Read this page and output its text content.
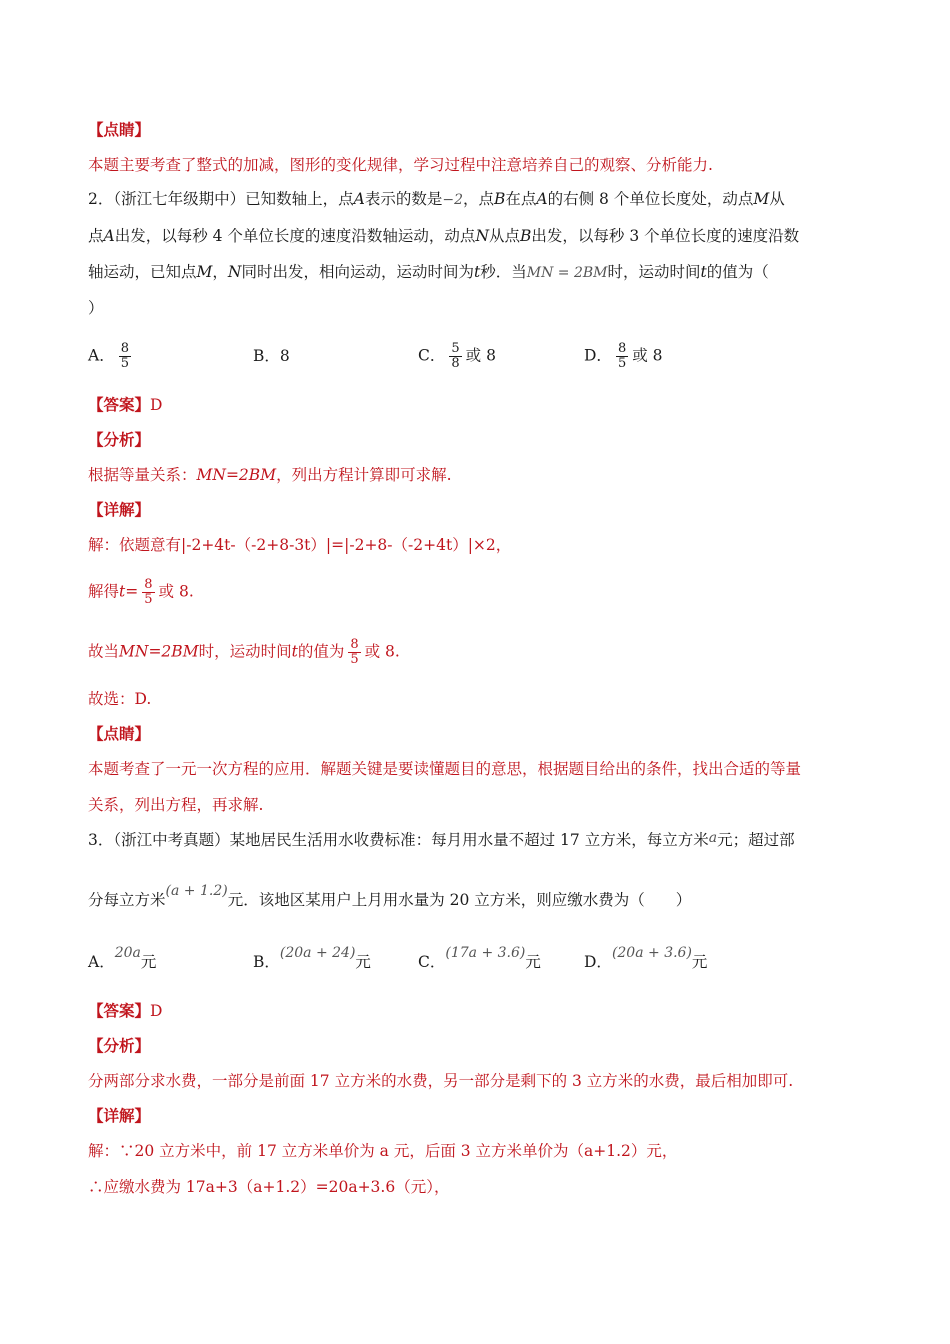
【点睛】
本题主要考查了整式的加减，图形的变化规律，学习过程中注意培养自己的观察、分析能力.
2．（浙江七年级期中）已知数轴上，点A表示的数是−2，点B在点A的右侧 8 个单位长度处，动点M从
点A出发，以每秒 4 个单位长度的速度沿数轴运动，动点N从点B出发，以每秒 3 个单位长度的速度沿数
轴运动，已知点M，N同时出发，相向运动，运动时间为t秒．当MN = 2BM时，运动时间t的值为（
）
A． $\frac{8}{5}$	B．8	C． $\frac{5}{8}$ 或 8	D． $\frac{8}{5}$ 或 8
【答案】D
【分析】
根据等量关系：MN=2BM，列出方程计算即可求解.
【详解】
解：依题意有|-2+4t-（-2+8-3t）|=|-2+8-（-2+4t）|×2，
解得$t= \frac{8}{5}$ 或 8.
故当MN=2BM时，运动时间t的值为 $\frac{8}{5}$ 或 8.
故选：D.
【点睛】
本题考查了一元一次方程的应用．解题关键是要读懂题目的意思，根据题目给出的条件，找出合适的等量
关系，列出方程，再求解.
3．（浙江中考真题）某地居民生活用水收费标准：每月用水量不超过 17 立方米，每立方米a元；超过部
分每立方米(a + 1.2)元．该地区某用户上月用水量为 20 立方米，则应缴水费为（　　）
A．20a元	B．(20a + 24)元	C．(17a + 3.6)元	D．(20a + 3.6)元
【答案】D
【分析】
分两部分求水费，一部分是前面 17 立方米的水费，另一部分是剩下的 3 立方米的水费，最后相加即可.
【详解】
解：∵20 立方米中，前 17 立方米单价为 a 元，后面 3 立方米单价为（a+1.2）元，
∴应缴水费为 17a+3（a+1.2）=20a+3.6（元），
